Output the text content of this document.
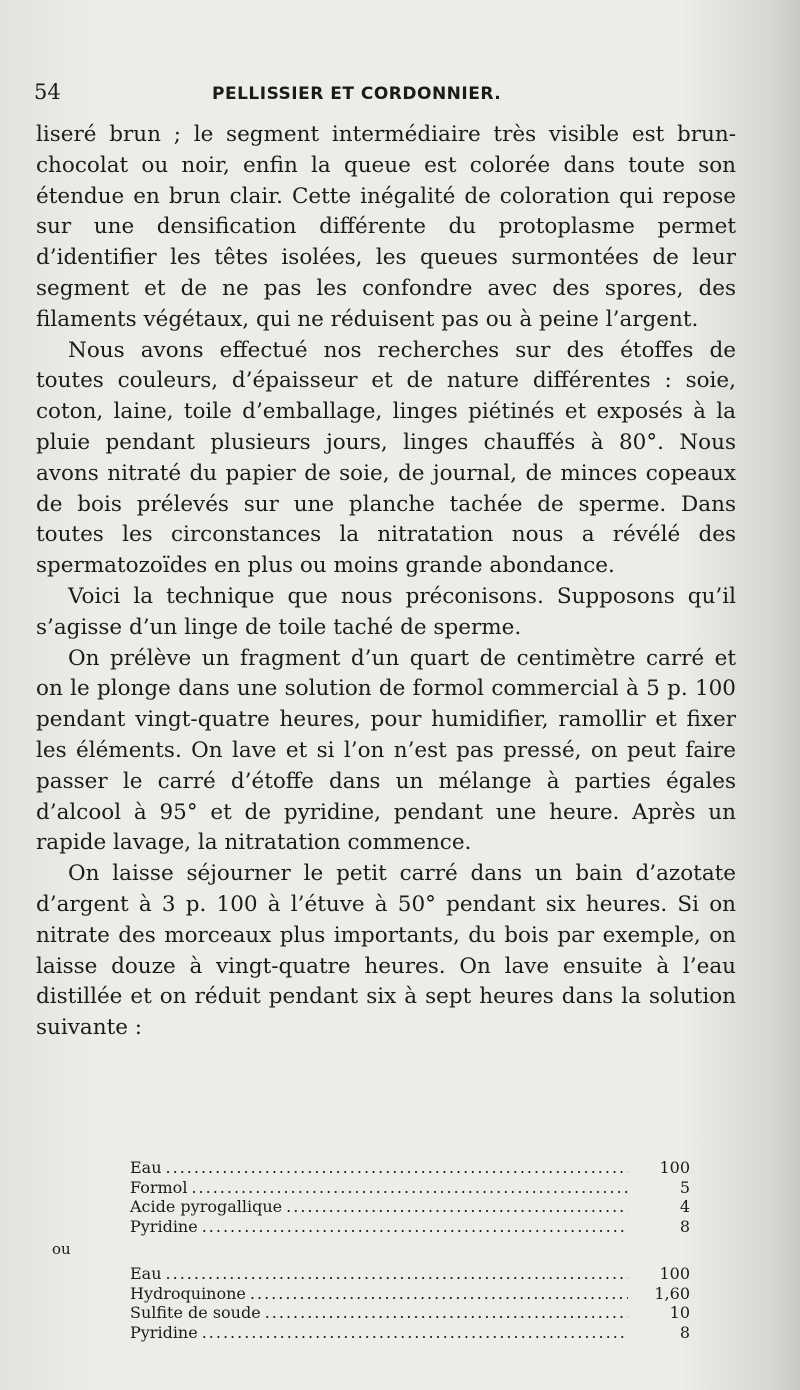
54	PELLISSIER ET CORDONNIER.

liseré brun ; le segment intermédiaire très visible est brun-chocolat ou noir, enfin la queue est colorée dans toute son étendue en brun clair. Cette inégalité de coloration qui repose sur une densification différente du protoplasme permet d’identifier les têtes isolées, les queues surmontées de leur segment et de ne pas les confondre avec des spores, des filaments végétaux, qui ne réduisent pas ou à peine l’argent.

Nous avons effectué nos recherches sur des étoffes de toutes couleurs, d’épaisseur et de nature différentes : soie, coton, laine, toile d’emballage, linges piétinés et exposés à la pluie pendant plusieurs jours, linges chauffés à 80°. Nous avons nitraté du papier de soie, de journal, de minces copeaux de bois prélevés sur une planche tachée de sperme. Dans toutes les circonstances la nitratation nous a révélé des spermatozoïdes en plus ou moins grande abondance.

Voici la technique que nous préconisons. Supposons qu’il s’agisse d’un linge de toile taché de sperme.

On prélève un fragment d’un quart de centimètre carré et on le plonge dans une solution de formol commercial à 5 p. 100 pendant vingt-quatre heures, pour humidifier, ramollir et fixer les éléments. On lave et si l’on n’est pas pressé, on peut faire passer le carré d’étoffe dans un mélange à parties égales d’alcool à 95° et de pyridine, pendant une heure. Après un rapide lavage, la nitratation commence.

On laisse séjourner le petit carré dans un bain d’azotate d’argent à 3 p. 100 à l’étuve à 50° pendant six heures. Si on nitrate des morceaux plus importants, du bois par exemple, on laisse douze à vingt-quatre heures. On lave ensuite à l’eau distillée et on réduit pendant six à sept heures dans la solution suivante :

Eau .....	100
Formol .....	5
Acide pyrogallique .....	4
Pyridine .....	8
ou
Eau .....	100
Hydroquinone .....	1,60
Sulfite de soude .....	10
Pyridine .....	8
